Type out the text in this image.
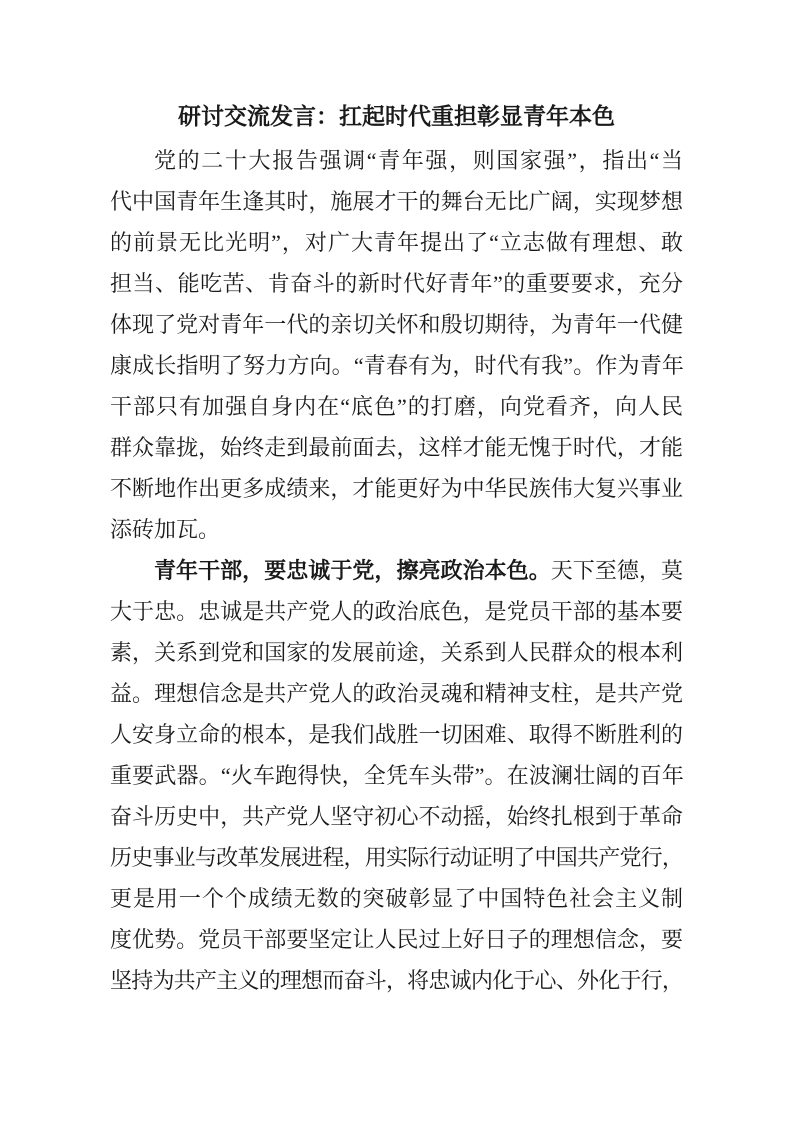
研讨交流发言：扛起时代重担彰显青年本色
党的二十大报告强调“青年强，则国家强”，指出“当
代中国青年生逢其时，施展才干的舞台无比广阔，实现梦想
的前景无比光明”，对广大青年提出了“立志做有理想、敢
担当、能吃苦、肯奋斗的新时代好青年”的重要要求，充分
体现了党对青年一代的亲切关怀和殷切期待，为青年一代健
康成长指明了努力方向。“青春有为，时代有我”。作为青年
干部只有加强自身内在“底色”的打磨，向党看齐，向人民
群众靠拢，始终走到最前面去，这样才能无愧于时代，才能
不断地作出更多成绩来，才能更好为中华民族伟大复兴事业
添砖加瓦。
青年干部，要忠诚于党，擦亮政治本色。天下至德，莫
大于忠。忠诚是共产党人的政治底色，是党员干部的基本要
素，关系到党和国家的发展前途，关系到人民群众的根本利
益。理想信念是共产党人的政治灵魂和精神支柱，是共产党
人安身立命的根本，是我们战胜一切困难、取得不断胜利的
重要武器。“火车跑得快，全凭车头带”。在波澜壮阔的百年
奋斗历史中，共产党人坚守初心不动摇，始终扎根到于革命
历史事业与改革发展进程，用实际行动证明了中国共产党行，
更是用一个个成绩无数的突破彰显了中国特色社会主义制
度优势。党员干部要坚定让人民过上好日子的理想信念，要
坚持为共产主义的理想而奋斗，将忠诚内化于心、外化于行，
